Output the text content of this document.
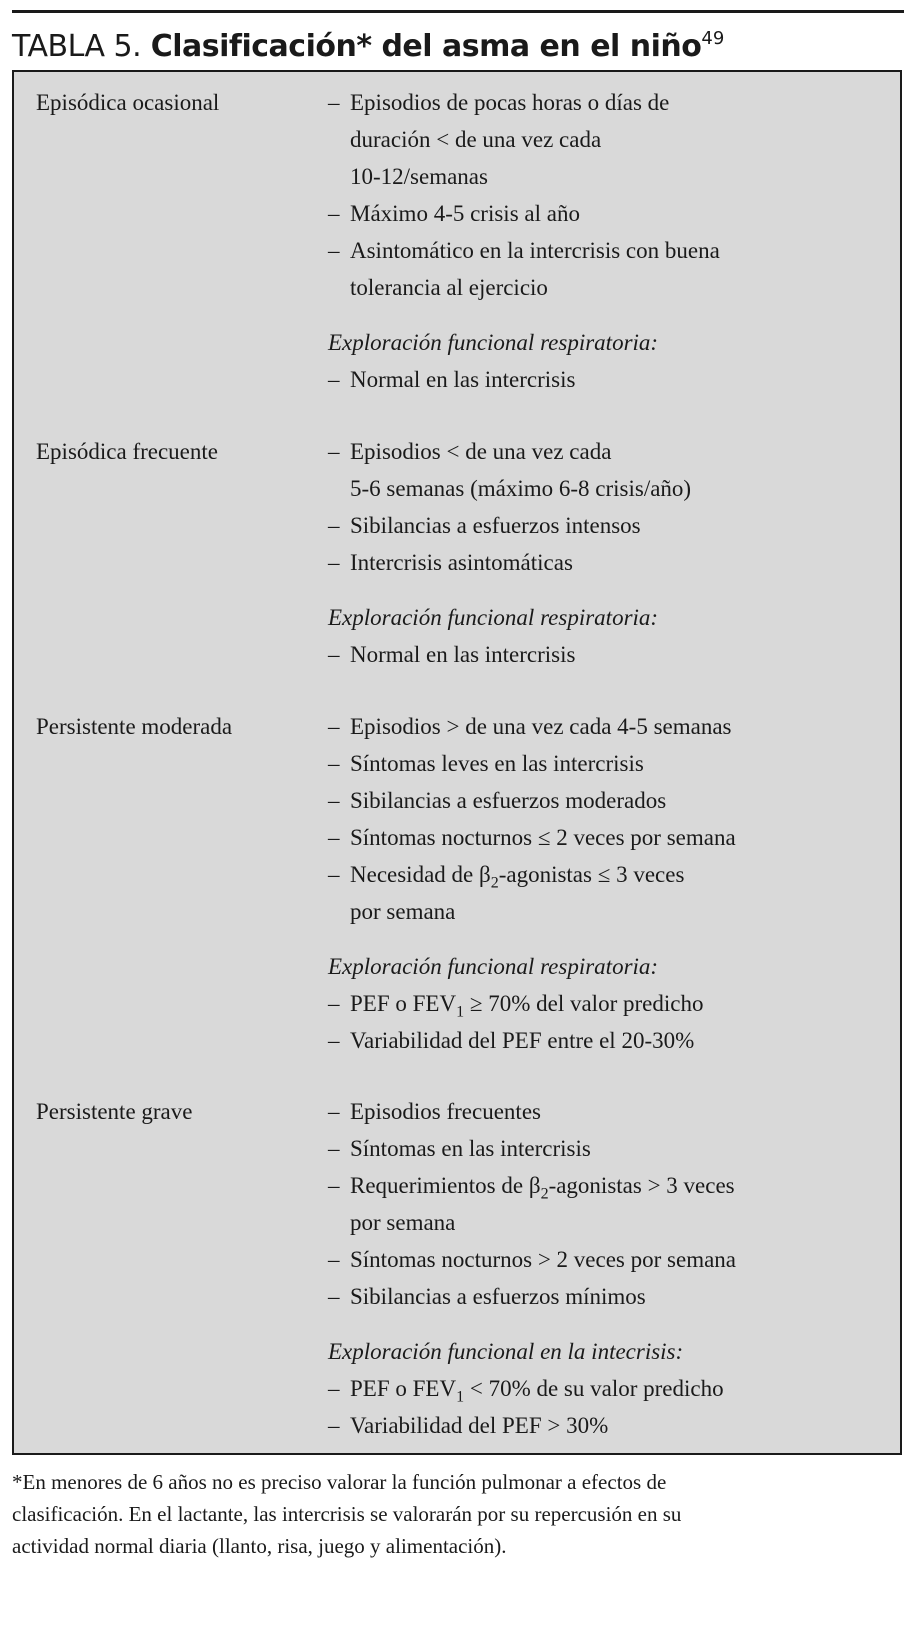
TABLA 5. Clasificación* del asma en el niño$^{49}$
Episódica ocasional	– Episodios de pocas horas o días de
duración < de una vez cada
10-12/semanas
– Máximo 4-5 crisis al año
– Asintomático en la intercrisis con buena
tolerancia al ejercicio
Exploración funcional respiratoria:
– Normal en las intercrisis
Episódica frecuente	– Episodios < de una vez cada
5-6 semanas (máximo 6-8 crisis/año)
– Sibilancias a esfuerzos intensos
– Intercrisis asintomáticas
Exploración funcional respiratoria:
– Normal en las intercrisis
Persistente moderada	– Episodios > de una vez cada 4-5 semanas
– Síntomas leves en las intercrisis
– Sibilancias a esfuerzos moderados
– Síntomas nocturnos ≤ 2 veces por semana
– Necesidad de $\beta_2$-agonistas ≤ 3 veces
por semana
Exploración funcional respiratoria:
– PEF o $FEV_1 \ge 70\%$ del valor predicho
– Variabilidad del PEF entre el 20-30%
Persistente grave	– Episodios frecuentes
– Síntomas en las intercrisis
– Requerimientos de $\beta_2$-agonistas > 3 veces
por semana
– Síntomas nocturnos > 2 veces por semana
– Sibilancias a esfuerzos mínimos
Exploración funcional en la intecrisis:
– PEF o $FEV_1 < 70\%$ de su valor predicho
– Variabilidad del PEF > 30%
*En menores de 6 años no es preciso valorar la función pulmonar a efectos de
clasificación. En el lactante, las intercrisis se valorarán por su repercusión en su
actividad normal diaria (llanto, risa, juego y alimentación).
